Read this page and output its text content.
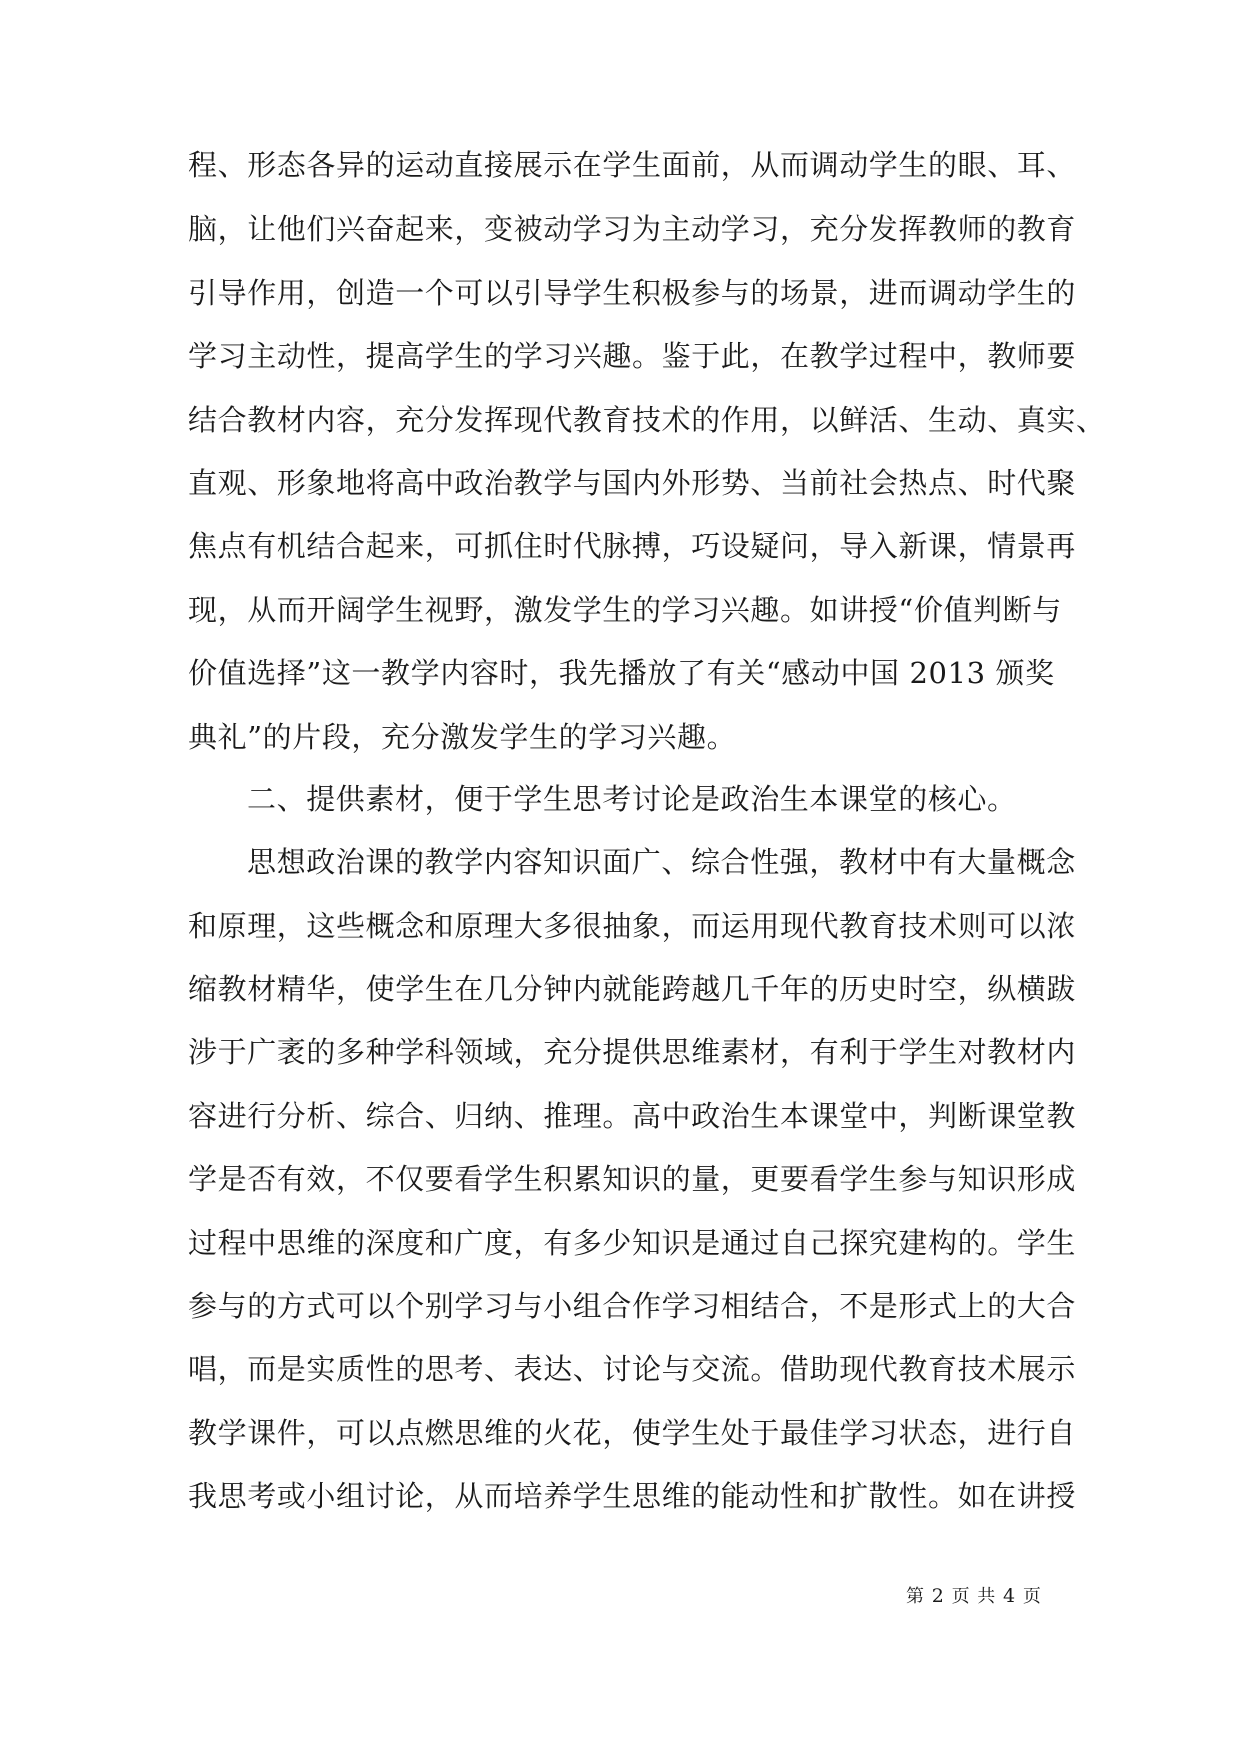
程、形态各异的运动直接展示在学生面前，从而调动学生的眼、耳、
脑，让他们兴奋起来，变被动学习为主动学习，充分发挥教师的教育
引导作用，创造一个可以引导学生积极参与的场景，进而调动学生的
学习主动性，提高学生的学习兴趣。鉴于此，在教学过程中，教师要
结合教材内容，充分发挥现代教育技术的作用，以鲜活、生动、真实、
直观、形象地将高中政治教学与国内外形势、当前社会热点、时代聚
焦点有机结合起来，可抓住时代脉搏，巧设疑问，导入新课，情景再
现，从而开阔学生视野，激发学生的学习兴趣。如讲授“价值判断与
价值选择”这一教学内容时，我先播放了有关“感动中国 2013 颁奖
典礼”的片段，充分激发学生的学习兴趣。
二、提供素材，便于学生思考讨论是政治生本课堂的核心。
思想政治课的教学内容知识面广、综合性强，教材中有大量概念
和原理，这些概念和原理大多很抽象，而运用现代教育技术则可以浓
缩教材精华，使学生在几分钟内就能跨越几千年的历史时空，纵横跋
涉于广袤的多种学科领域，充分提供思维素材，有利于学生对教材内
容进行分析、综合、归纳、推理。高中政治生本课堂中，判断课堂教
学是否有效，不仅要看学生积累知识的量，更要看学生参与知识形成
过程中思维的深度和广度，有多少知识是通过自己探究建构的。学生
参与的方式可以个别学习与小组合作学习相结合，不是形式上的大合
唱，而是实质性的思考、表达、讨论与交流。借助现代教育技术展示
教学课件，可以点燃思维的火花，使学生处于最佳学习状态，进行自
我思考或小组讨论，从而培养学生思维的能动性和扩散性。如在讲授
第 2 页 共 4 页
